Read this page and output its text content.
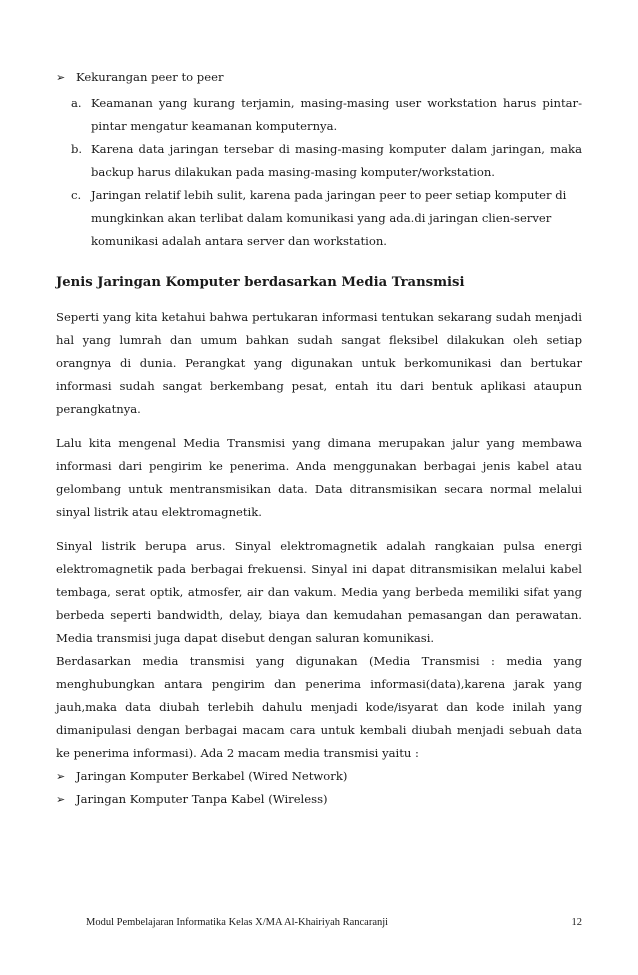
➢ Kekurangan peer to peer
a. Keamanan yang kurang terjamin, masing-masing user workstation harus pintar-pintar mengatur keamanan komputernya.
b. Karena data jaringan tersebar di masing-masing komputer dalam jaringan, maka backup harus dilakukan pada masing-masing komputer/workstation.
c. Jaringan relatif lebih sulit, karena pada jaringan peer to peer setiap komputer di mungkinkan akan terlibat dalam komunikasi yang ada.di jaringan clien-server komunikasi adalah antara server dan workstation.
Jenis Jaringan Komputer berdasarkan Media Transmisi

Seperti yang kita ketahui bahwa pertukaran informasi tentukan sekarang sudah menjadi hal yang lumrah dan umum bahkan sudah sangat fleksibel dilakukan oleh setiap orangnya di dunia. Perangkat yang digunakan untuk berkomunikasi dan bertukar informasi sudah sangat berkembang pesat, entah itu dari bentuk aplikasi ataupun perangkatnya.

Lalu kita mengenal Media Transmisi yang dimana merupakan jalur yang membawa informasi dari pengirim ke penerima. Anda menggunakan berbagai jenis kabel atau gelombang untuk mentransmisikan data. Data ditransmisikan secara normal melalui sinyal listrik atau elektromagnetik.

Sinyal listrik berupa arus. Sinyal elektromagnetik adalah rangkaian pulsa energi elektromagnetik pada berbagai frekuensi. Sinyal ini dapat ditransmisikan melalui kabel tembaga, serat optik, atmosfer, air dan vakum. Media yang berbeda memiliki sifat yang berbeda seperti bandwidth, delay, biaya dan kemudahan pemasangan dan perawatan. Media transmisi juga dapat disebut dengan saluran komunikasi.

Berdasarkan media transmisi yang digunakan (Media Transmisi : media yang menghubungkan antara pengirim dan penerima informasi(data),karena jarak yang jauh,maka data diubah terlebih dahulu menjadi kode/isyarat dan kode inilah yang dimanipulasi dengan berbagai macam cara untuk kembali diubah menjadi sebuah data ke penerima informasi). Ada 2 macam media transmisi yaitu :

➢ Jaringan Komputer Berkabel (Wired Network)
➢ Jaringan Komputer Tanpa Kabel (Wireless)
Modul Pembelajaran Informatika Kelas X/MA Al-Khairiyah Rancaranji	12
